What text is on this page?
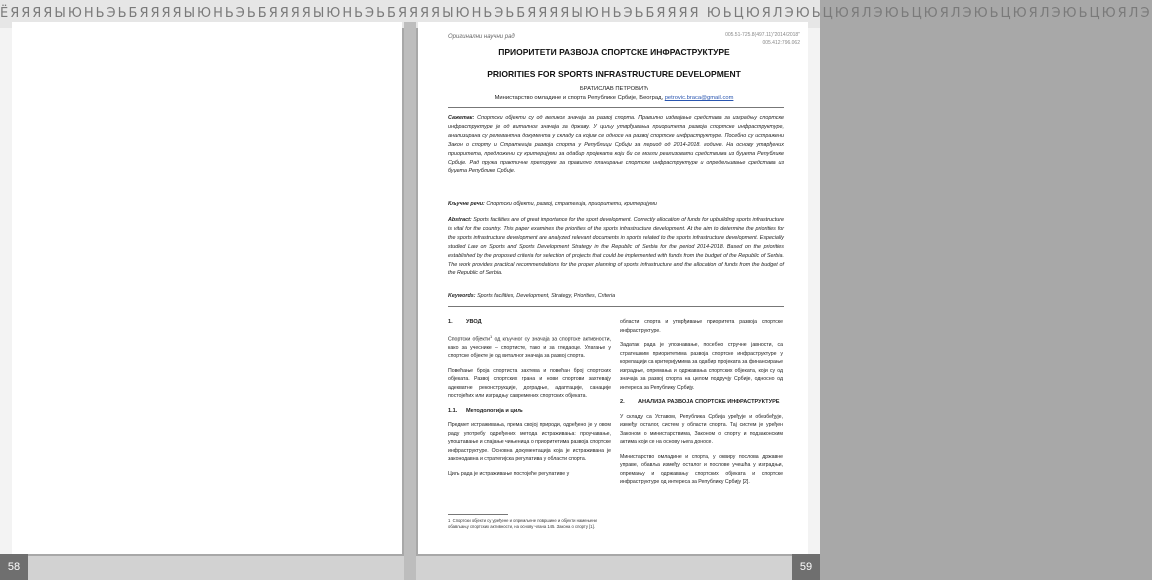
ЁЯЯЯЯЫЮНЬЭЬБЯЯЯЯЫЮНЬЭЬБЯЯЯЯЫЮНЬЭЬБЯЯЯЯЫЮНЬЭЬБЯЯЯЯЫЮНЬЭЬБЯЯЯЯ ЮЬЦЮЯЛЭЮЬЦЮЯЛЭЮЬЦЮЯЛЭЮЬЦЮЯЛЭЮЬЦЮЯЛЭ
58	59
Оригинални научни рад	005.51-725.8(497.11)"2014/2018"
005.412:796.062
ПРИОРИТЕТИ РАЗВОЈА СПОРТСКЕ ИНФРАСТРУКТУРЕ
PRIORITIES FOR SPORTS INFRASTRUCTURE DEVELOPMENT
БРАТИСЛАВ ПЕТРОВИЋ
Министарство омладине и спорта Републике Србије, Београд, petrovic.braca@gmail.com
Сажетак: Спортски објекти су од великог значаја за развој спорта. Правилно издвајање средстава за изградњу спортске инфраструктуре је од виталног значаја за државу. У циљу утврђивања приоритета развоја спортске инфраструктуре, анализирана су релевантна документа у складу са којим се односе на развој спортске инфраструктуре. Посебно су истражени Закон о спорту и Стратегија развоја спорта у Републици Србији за период од 2014-2018. године. На основу утврђених приоритета, предложени су критеријуми за одабир пројеката који би се могли реализовати средствима из буџета Републике Србије. Рад пружа практичне препоруке за правилно планирање спортске инфраструктуре и опредељивање средстава из буџета Републике Србије.
Кључне речи: Спортски објекти, развој, стратегија, приоритети, критеријуми
Abstract: Sports facilities are of great importance for the sport development. Correctly allocation of funds for upbuilding sports infrastructure is vital for the country. This paper examines the priorities of the sports infrastructure development. At the aim to determine the priorities for the sports infrastructure development are analyzed relevant documents in sports related to the sports infrastructure development. Especially studied Law on Sports and Sports Development Strategy in the Republic of Serbia for the period 2014-2018. Based on the priorities established by the proposed criteria for selection of projects that could be implemented with funds from the budget of the Republic of Serbia. The work provides practical recommendations for the proper planning of sports infrastructure and the allocation of funds from the budget of the Republic of Serbia.
Keywords: Sports facilities, Development, Strategy, Priorities, Criteria

1. УВОД

Спортски објекти$^1$ од кључног су значаја за спортске активности, како за учеснике – спортисте, тако и за гледаоце. Улагање у спортске објекте је од виталног значаја за развој спорта.

Повећање броја спортиста захтева и повећан број спортских објеката. Развој спортских грана и нови спортови захтевају адекватне реконструкције, доградње, адаптације, санације постојећих или изградњу савремених спортских објеката.

1.1. Методологија и циљ

Предмет истраживања, према својој природи, одређено је у овом раду употребу одређених метода истраживања: проучавање, упоштавање и спајање чињеница о приоритетима развоја спортске инфраструктуре. Основна документација која је истраживана је законодавна и стратегијска регулатива у области спорта.

Циљ рада је истраживање постојеће регулативе у

области спорта и утврђивање приоритета развоја спортске инфраструктуре.

Задатак рада је упознавање, посебно стручне јавности, са стратешким приоритетима развоја спортске инфраструктуре у корелацији са критеријумима за одабир пројеката за финансирање изградње, опремања и одржавања спортских објеката, који су од значаја за развој спорта на целом подручју Србије, односно од интереса за Републику Србију.

2. АНАЛИЗА РАЗВОЈА СПОРТСКЕ ИНФРАСТРУКТУРЕ

У складу са Уставом, Република Србија уређује и обезбеђује, између осталог, систем у области спорта. Тај систем је уређен Законом о министарствима, Законом о спорту и подзаконским актима који се на основу њега доносе.

Министарство омладине и спорта, у оквиру послова државне управе, обавља између осталог и послове учешћа у изградњи, опремању и одржавању спортских објеката и спортске инфраструктуре од интереса за Републику Србију [2].

1 Спортски објекти су уређене и опремљене површине и објекти намењени обављању спортских активности, на основу члана 145. Закона о спорту [1].
